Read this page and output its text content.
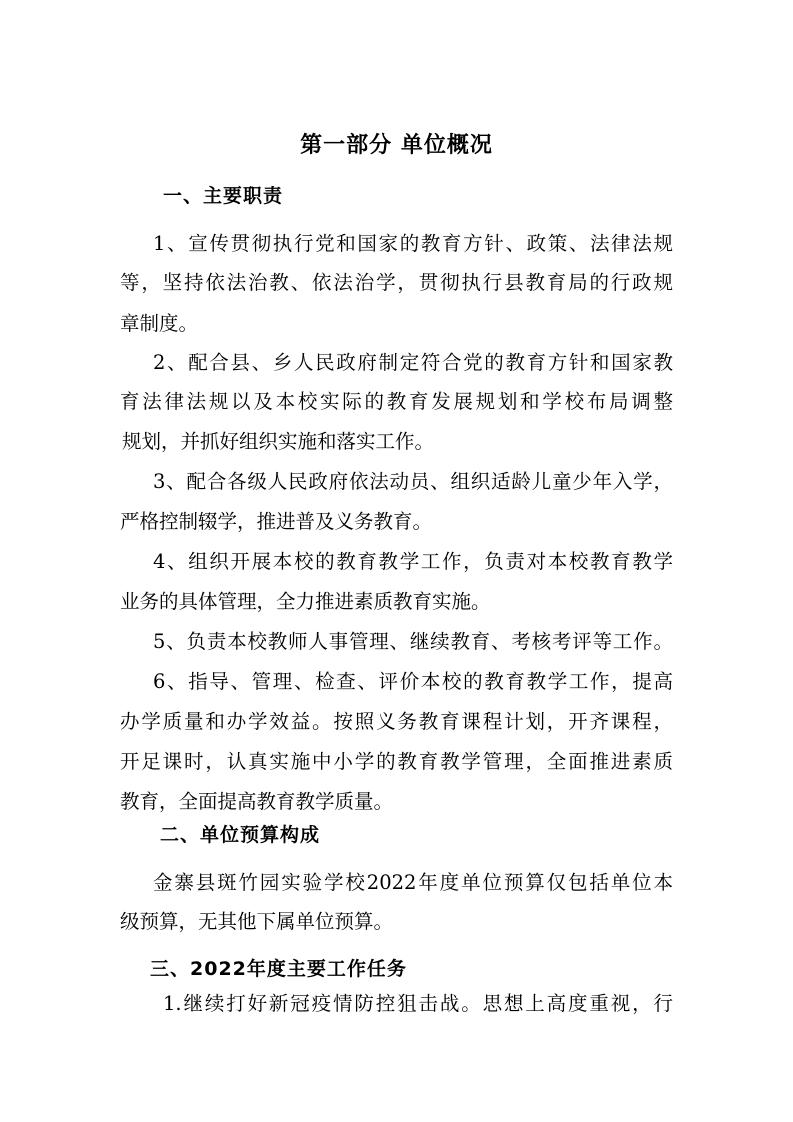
第一部分 单位概况
一、主要职责
1、宣传贯彻执行党和国家的教育方针、政策、法律法规
等，坚持依法治教、依法治学，贯彻执行县教育局的行政规
章制度。
2、配合县、乡人民政府制定符合党的教育方针和国家教
育法律法规以及本校实际的教育发展规划和学校布局调整
规划，并抓好组织实施和落实工作。
3、配合各级人民政府依法动员、组织适龄儿童少年入学，
严格控制辍学，推进普及义务教育。
4、组织开展本校的教育教学工作，负责对本校教育教学
业务的具体管理，全力推进素质教育实施。
5、负责本校教师人事管理、继续教育、考核考评等工作。
6、指导、管理、检查、评价本校的教育教学工作，提高
办学质量和办学效益。按照义务教育课程计划，开齐课程，
开足课时，认真实施中小学的教育教学管理，全面推进素质
教育，全面提高教育教学质量。
二、单位预算构成
金寨县斑竹园实验学校2022年度单位预算仅包括单位本
级预算，无其他下属单位预算。
三、2022年度主要工作任务
1.继续打好新冠疫情防控狙击战。思想上高度重视，行
